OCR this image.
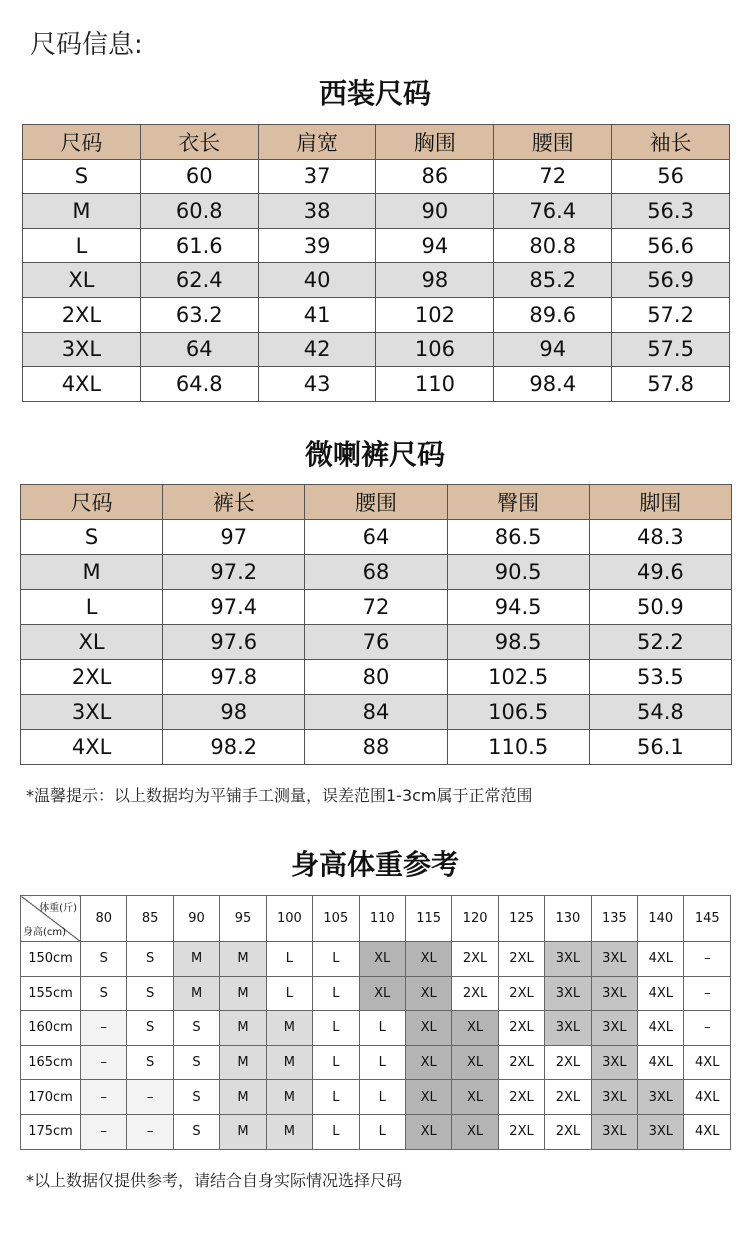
尺码信息:
西装尺码
尺码	衣长	肩宽	胸围	腰围	袖长
S	60	37	86	72	56
M	60.8	38	90	76.4	56.3
L	61.6	39	94	80.8	56.6
XL	62.4	40	98	85.2	56.9
2XL	63.2	41	102	89.6	57.2
3XL	64	42	106	94	57.5
4XL	64.8	43	110	98.4	57.8
微喇裤尺码
尺码	裤长	腰围	臀围	脚围
S	97	64	86.5	48.3
M	97.2	68	90.5	49.6
L	97.4	72	94.5	50.9
XL	97.6	76	98.5	52.2
2XL	97.8	80	102.5	53.5
3XL	98	84	106.5	54.8
4XL	98.2	88	110.5	56.1
*温馨提示：以上数据均为平铺手工测量，误差范围1-3cm属于正常范围
身高体重参考
体重(斤)
身高(cm)	80	85	90	95	100	105	110	115	120	125	130	135	140	145
150cm	S	S	M	M	L	L	XL	XL	2XL	2XL	3XL	3XL	4XL	–
155cm	S	S	M	M	L	L	XL	XL	2XL	2XL	3XL	3XL	4XL	–
160cm	–	S	S	M	M	L	L	XL	XL	2XL	3XL	3XL	4XL	–
165cm	–	S	S	M	M	L	L	XL	XL	2XL	2XL	3XL	4XL	4XL
170cm	–	–	S	M	M	L	L	XL	XL	2XL	2XL	3XL	3XL	4XL
175cm	–	–	S	M	M	L	L	XL	XL	2XL	2XL	3XL	3XL	4XL
*以上数据仅提供参考，请结合自身实际情况选择尺码
